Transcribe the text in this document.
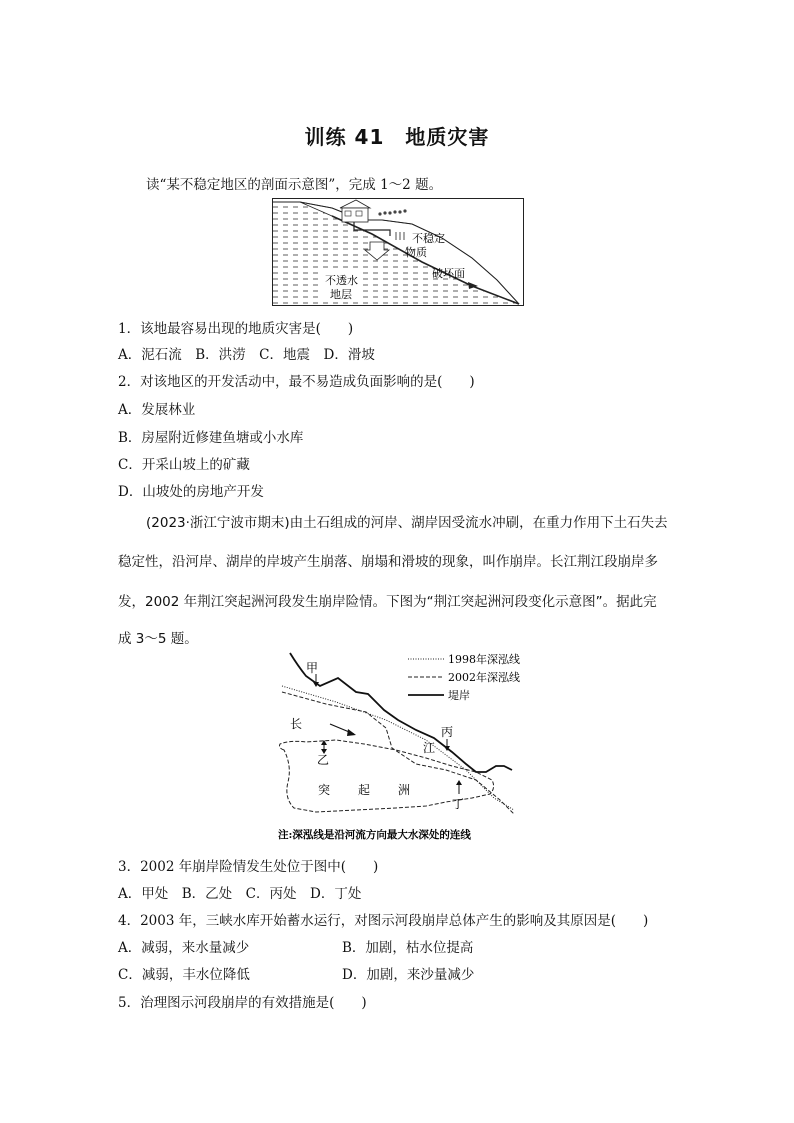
训练 41　地质灾害
读“某不稳定地区的剖面示意图”，完成 1～2 题。
不稳定
物质
破坏面
不透水
地层
1．该地最容易出现的地质灾害是(　　)
A．泥石流　B．洪涝　C．地震　D．滑坡
2．对该地区的开发活动中，最不易造成负面影响的是(　　)
A．发展林业
B．房屋附近修建鱼塘或小水库
C．开采山坡上的矿藏
D．山坡处的房地产开发
(2023·浙江宁波市期末)由土石组成的河岸、湖岸因受流水冲刷，在重力作用下土石失去
稳定性，沿河岸、湖岸的岸坡产生崩落、崩塌和滑坡的现象，叫作崩岸。长江荆江段崩岸多
发，2002 年荆江突起洲河段发生崩岸险情。下图为“荆江突起洲河段变化示意图”。据此完
成 3～5 题。
1998年深泓线
2002年深泓线
堤岸
甲
乙
丙
丁
长
江
突 起 洲
注:深泓线是沿河流方向最大水深处的连线
3．2002 年崩岸险情发生处位于图中(　　)
A．甲处　B．乙处　C．丙处　D．丁处
4．2003 年，三峡水库开始蓄水运行，对图示河段崩岸总体产生的影响及其原因是(　　)
A．减弱，来水量减少	B．加剧，枯水位提高
C．减弱，丰水位降低	D．加剧，来沙量减少
5．治理图示河段崩岸的有效措施是(　　)
